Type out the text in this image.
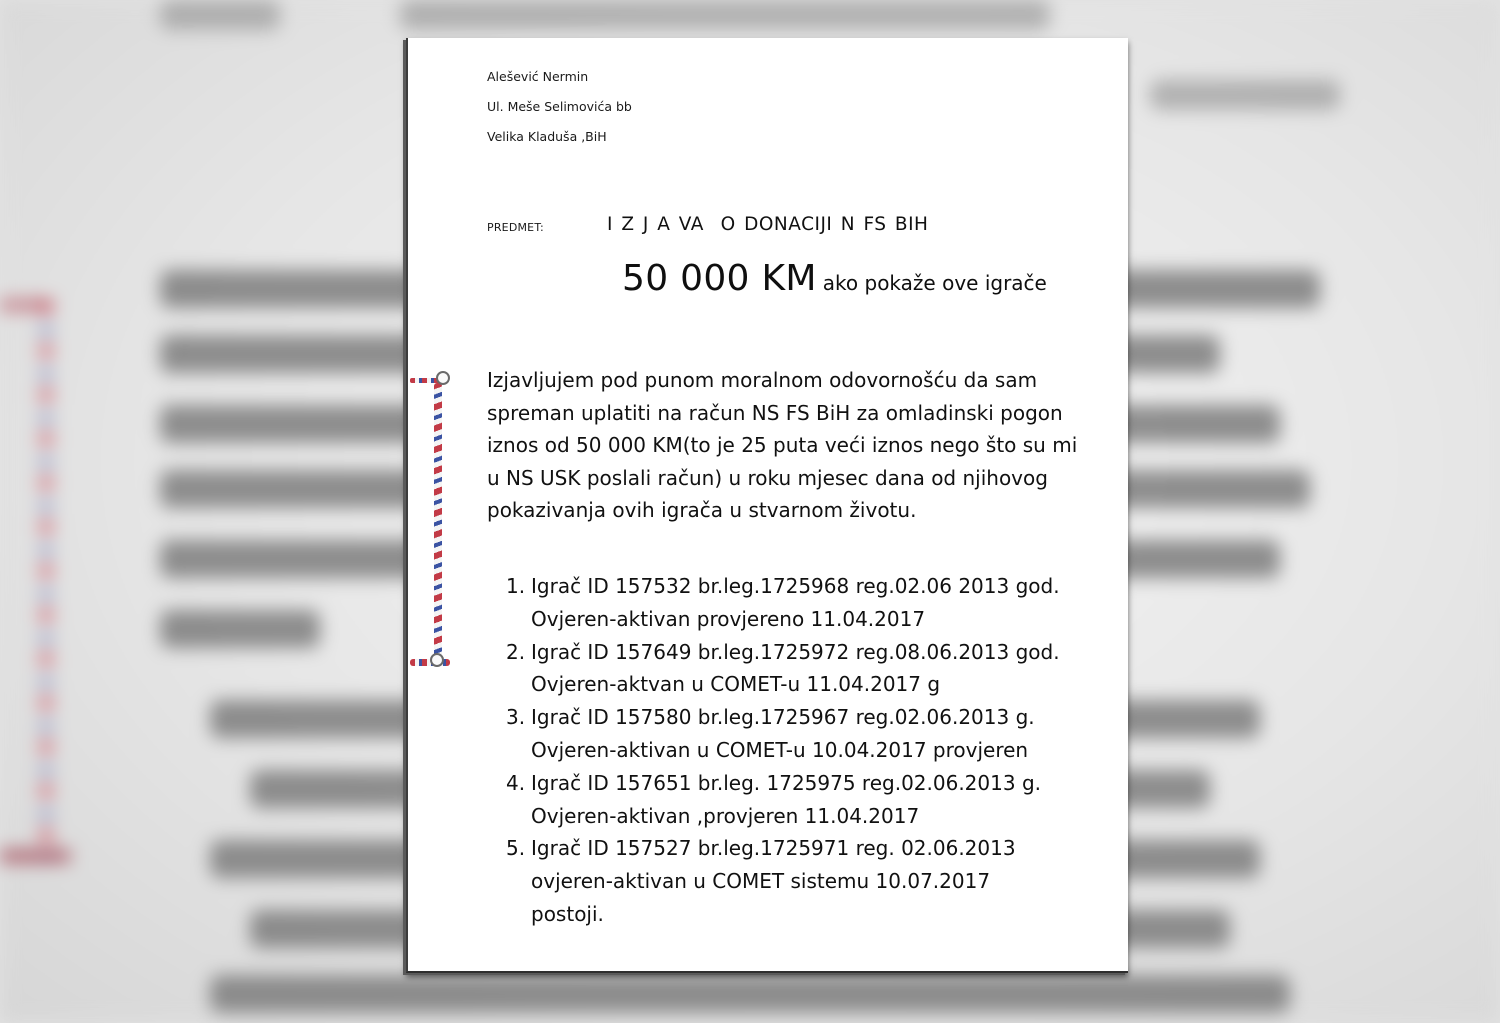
Alešević Nermin
Ul. Meše Selimovića bb
Velika Kladuša ,BiH
PREDMET:	I Z J A VA  O DONACIJI N FS BIH
50 000 KM ako pokaže ove igrače
Izjavljujem pod punom moralnom odovornošću da sam spreman uplatiti na račun NS FS BiH za omladinski pogon iznos od 50 000 KM(to je 25 puta veći iznos nego što su mi u NS USK poslali račun) u roku mjesec dana od njihovog pokazivanja ovih igrača u stvarnom životu.
1. Igrač ID 157532 br.leg.1725968 reg.02.06 2013 god. Ovjeren-aktivan provjereno 11.04.2017
2. Igrač ID 157649 br.leg.1725972 reg.08.06.2013 god. Ovjeren-aktvan u COMET-u 11.04.2017 g
3. Igrač ID 157580 br.leg.1725967 reg.02.06.2013 g. Ovjeren-aktivan u COMET-u 10.04.2017 provjeren
4. Igrač ID 157651 br.leg. 1725975 reg.02.06.2013 g. Ovjeren-aktivan ,provjeren 11.04.2017
5. Igrač ID 157527 br.leg.1725971 reg. 02.06.2013 ovjeren-aktivan u COMET sistemu 10.07.2017 postoji.
